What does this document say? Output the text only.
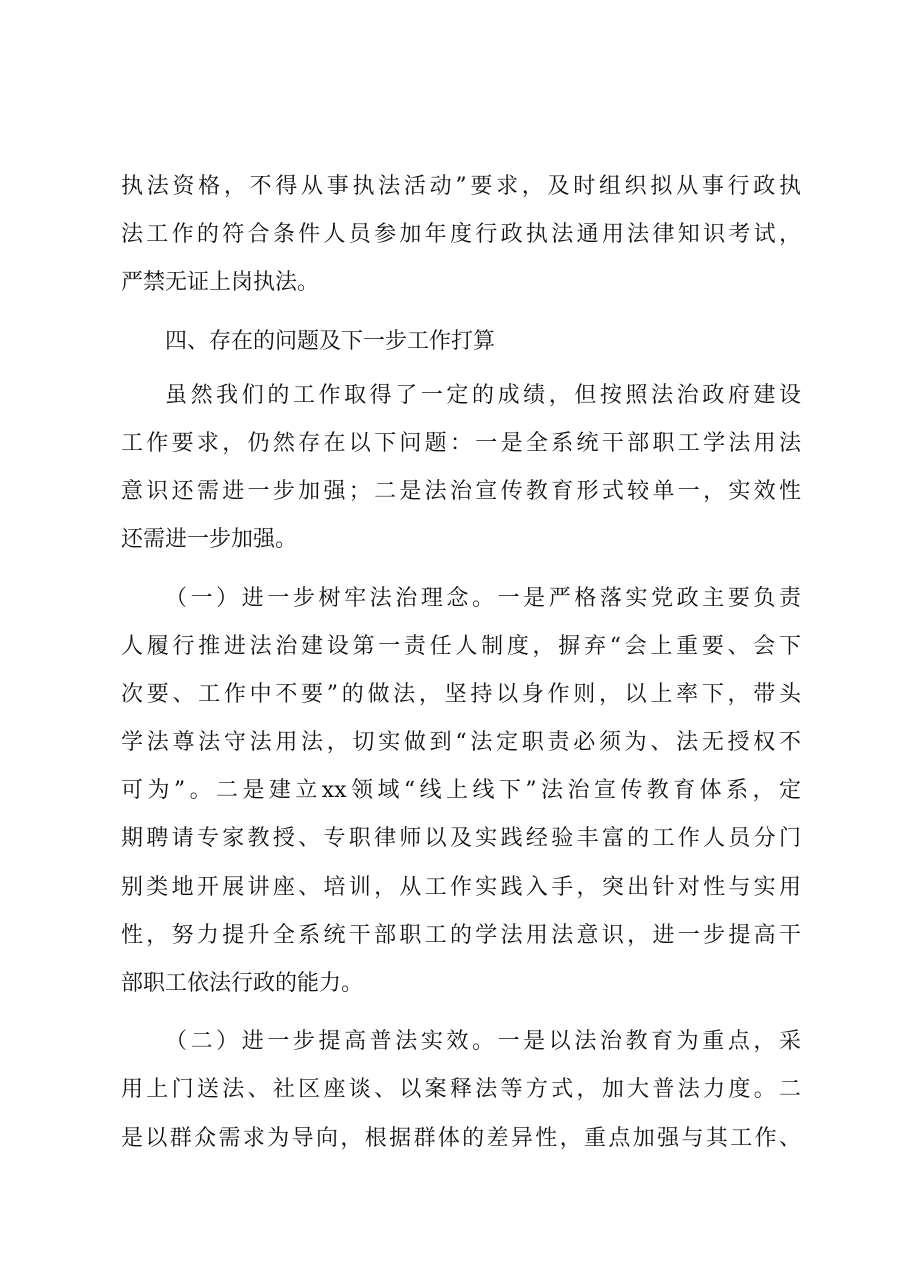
执法资格，不得从事执法活动”要求，及时组织拟从事行政执
法工作的符合条件人员参加年度行政执法通用法律知识考试，
严禁无证上岗执法。
四、存在的问题及下一步工作打算
虽然我们的工作取得了一定的成绩，但按照法治政府建设
工作要求，仍然存在以下问题：一是全系统干部职工学法用法
意识还需进一步加强；二是法治宣传教育形式较单一，实效性
还需进一步加强。
（一）进一步树牢法治理念。一是严格落实党政主要负责
人履行推进法治建设第一责任人制度，摒弃“会上重要、会下
次要、工作中不要”的做法，坚持以身作则，以上率下，带头
学法尊法守法用法，切实做到“法定职责必须为、法无授权不
可为”。二是建立xx领域“线上线下”法治宣传教育体系，定
期聘请专家教授、专职律师以及实践经验丰富的工作人员分门
别类地开展讲座、培训，从工作实践入手，突出针对性与实用
性，努力提升全系统干部职工的学法用法意识，进一步提高干
部职工依法行政的能力。
（二）进一步提高普法实效。一是以法治教育为重点，采
用上门送法、社区座谈、以案释法等方式，加大普法力度。二
是以群众需求为导向，根据群体的差异性，重点加强与其工作、
